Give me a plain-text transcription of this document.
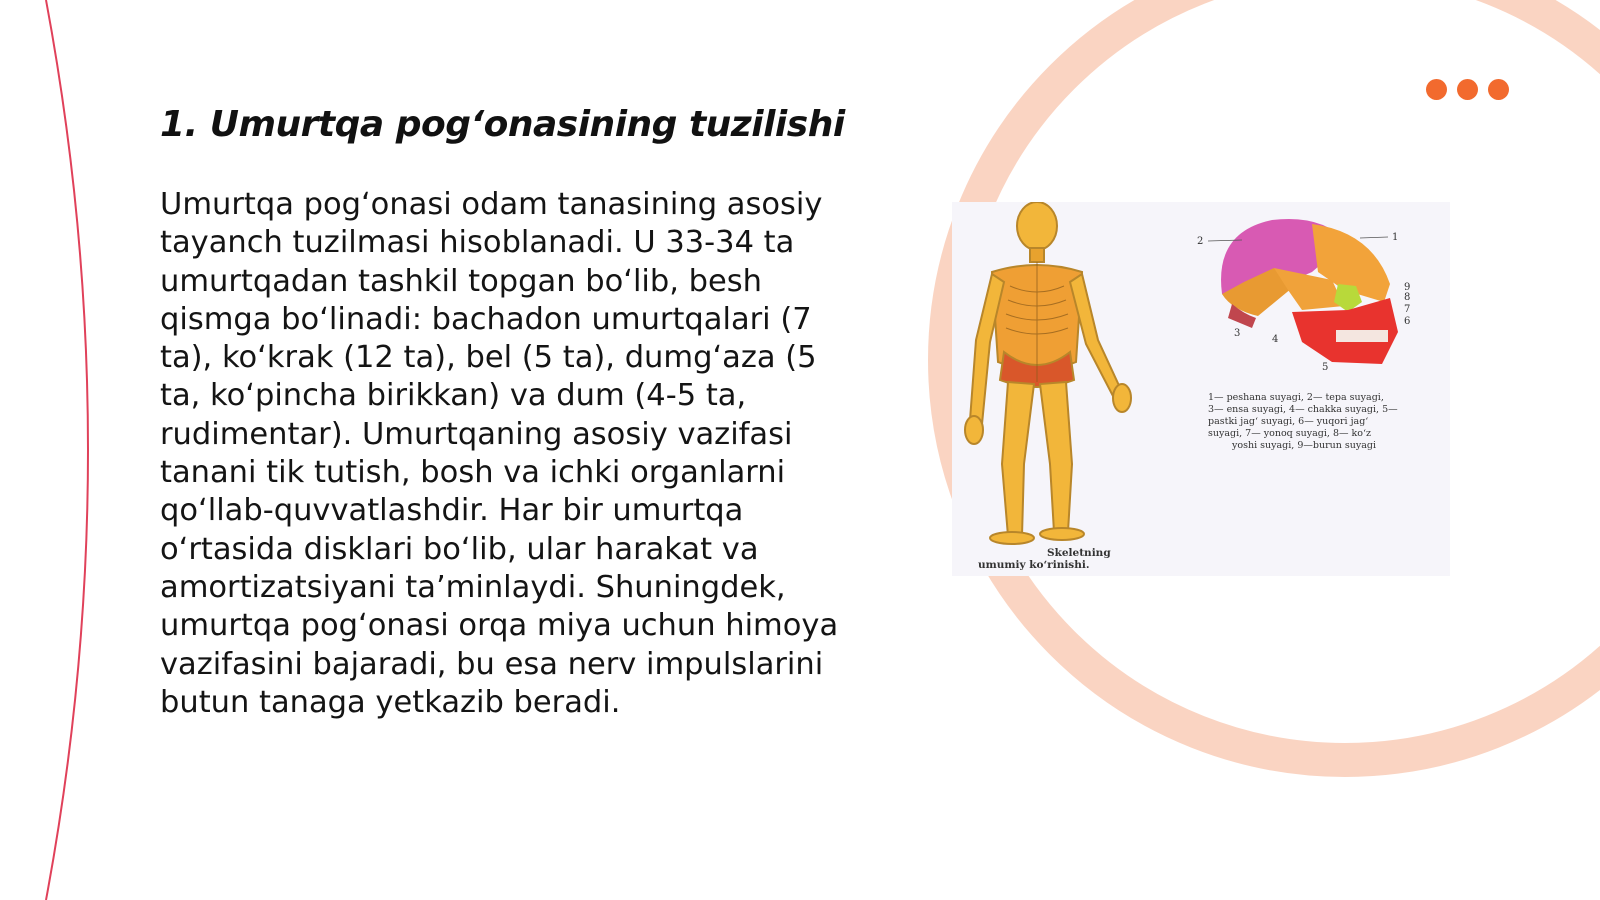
1. Umurtqa pog‘onasining tuzilishi

Umurtqa pog‘onasi odam tanasining asosiy tayanch tuzilmasi hisoblanadi. U 33-34 ta umurtqadan tashkil topgan bo‘lib, besh qismga bo‘linadi: bachadon umurtqalari (7 ta), ko‘krak (12 ta), bel (5 ta), dumg‘aza (5 ta, ko‘pincha birikkan) va dum (4-5 ta, rudimentar). Umurtqaning asosiy vazifasi tanani tik tutish, bosh va ichki organlarni qo‘llab-quvvatlashdir. Har bir umurtqa o‘rtasida disklari bo‘lib, ular harakat va amortizatsiyani ta’minlaydi. Shuningdek, umurtqa pog‘onasi orqa miya uchun himoya vazifasini bajaradi, bu esa nerv impulslarini butun tanaga yetkazib beradi.

Skeletning
umumiy ko‘rinishi.
2	1
3
4
5
6
7
8
9
1— peshana suyagi, 2— tepa suyagi,
3— ensa suyagi, 4— chakka suyagi, 5—
pastki jag‘ suyagi, 6— yuqori jag‘
suyagi, 7— yonoq suyagi, 8— ko‘z
yoshi suyagi, 9—burun suyagi
